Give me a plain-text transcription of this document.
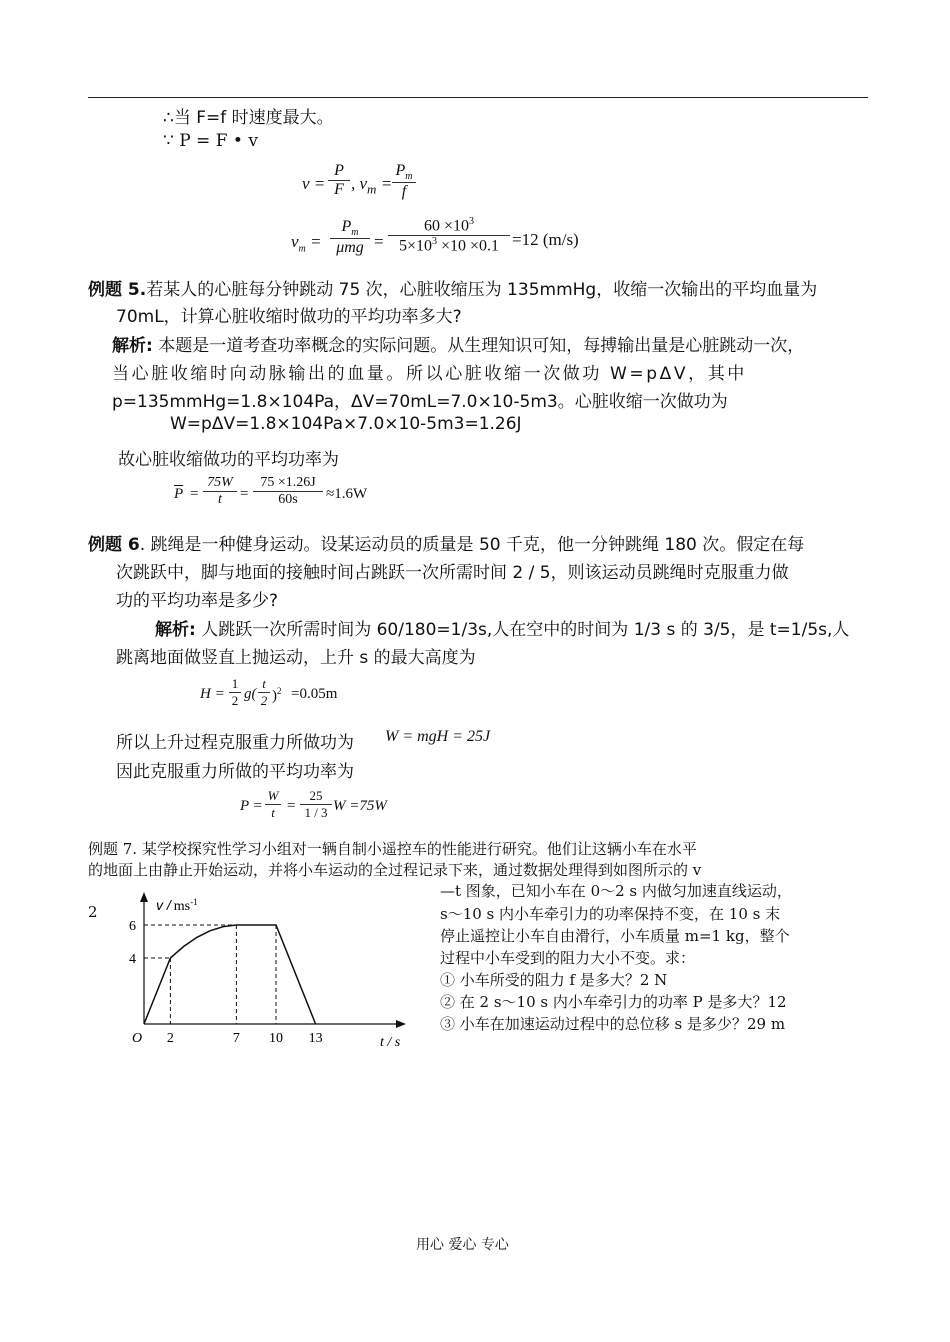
∴当 F=f 时速度最大。
∵ P = F • v
$v = \frac{P}{F}$ , $v_m = \frac{P_m}{f}$
$v_m$ =
$P_m$
$\mu mg = \frac{60 \times 10^3}{5\times 10^3 \times 10 \times 0.1} =12$ (m/s)
例题 5.若某人的心脏每分钟跳动 75 次，心脏收缩压为 135mmHg，收缩一次输出的平均血量为
70mL，计算心脏收缩时做功的平均功率多大?
解析: 本题是一道考查功率概念的实际问题。从生理知识可知，每搏输出量是心脏跳动一次，
当心脏收缩时向动脉输出的血量。所以心脏收缩一次做功 W=pΔV，其中
p=135mmHg=1.8×104Pa，ΔV=70mL=7.0×10-5m3。心脏收缩一次做功为
W=pΔV=1.8×104Pa×7.0×10-5m3=1.26J
故心脏收缩做功的平均功率为
$\overline{P} = \frac{75W}{t} = \frac{75 \times 1.26J}{60s} \approx 1.6W$
例题 6. 跳绳是一种健身运动。设某运动员的质量是 50 千克，他一分钟跳绳 180 次。假定在每
次跳跃中，脚与地面的接触时间占跳跃一次所需时间 2 / 5，则该运动员跳绳时克服重力做
功的平均功率是多少?
解析: 人跳跃一次所需时间为 60/180=1/3s,人在空中的时间为 1/3 s 的 3/5，是 t=1/5s,人
跳离地面做竖直上抛运动，上升 s 的最大高度为
$H = \frac{1}{2} g( \frac{t}{2} )^2 =0.05m$
所以上升过程克服重力所做功为 W = mgH = 25J
因此克服重力所做的平均功率为
$P = \frac{W}{t} = \frac{25}{1 / 3}$ W =75W
例题 7. 某学校探究性学习小组对一辆自制小遥控车的性能进行研究。他们让这辆小车在水平
的地面上由静止开始运动，并将小车运动的全过程记录下来，通过数据处理得到如图所示的 v
—t 图象，已知小车在 0～2 s 内做匀加速直线运动，
s～10 s 内小车牵引力的功率保持不变，在 10 s 末
停止遥控让小车自由滑行，小车质量 m=1 kg，整个
过程中小车受到的阻力大小不变。求：
① 小车所受的阻力 f 是多大？2 N
② 在 2 s～10 s 内小车牵引力的功率 P 是多大？12
③ 小车在加速运动过程中的总位移 s 是多少？29 m
2
2	7 10 13
4
6
O
v / $ms^{-1}$
t / s
用心 爱心 专心
